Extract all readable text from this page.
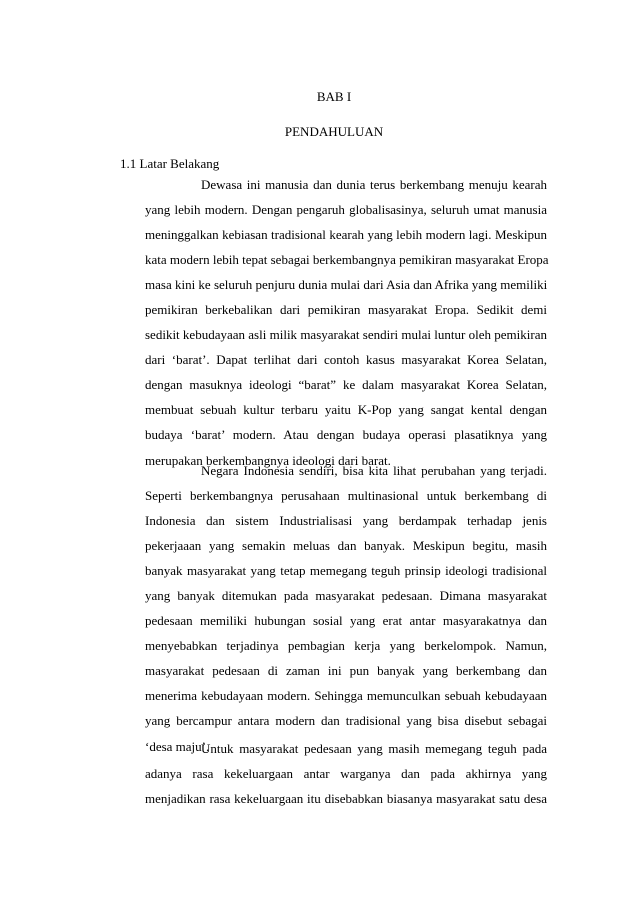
BAB I
PENDAHULUAN
1.1 Latar Belakang
Dewasa ini manusia dan dunia terus berkembang menuju kearah
yang lebih modern. Dengan pengaruh globalisasinya, seluruh umat manusia
meninggalkan kebiasan tradisional kearah yang lebih modern lagi. Meskipun
kata modern lebih tepat sebagai berkembangnya pemikiran masyarakat Eropa
masa kini ke seluruh penjuru dunia mulai dari Asia dan Afrika yang memiliki
pemikiran berkebalikan dari pemikiran masyarakat Eropa. Sedikit demi
sedikit kebudayaan asli milik masyarakat sendiri mulai luntur oleh pemikiran
dari ‘barat’. Dapat terlihat dari contoh kasus masyarakat Korea Selatan,
dengan masuknya ideologi “barat” ke dalam masyarakat Korea Selatan,
membuat sebuah kultur terbaru yaitu K-Pop yang sangat kental dengan
budaya ‘barat’ modern. Atau dengan budaya operasi plasatiknya yang
merupakan berkembangnya ideologi dari barat.
Negara Indonesia sendiri, bisa kita lihat perubahan yang terjadi.
Seperti berkembangnya perusahaan multinasional untuk berkembang di
Indonesia dan sistem Industrialisasi yang berdampak terhadap jenis
pekerjaaan yang semakin meluas dan banyak. Meskipun begitu, masih
banyak masyarakat yang tetap memegang teguh prinsip ideologi tradisional
yang banyak ditemukan pada masyarakat pedesaan. Dimana masyarakat
pedesaan memiliki hubungan sosial yang erat antar masyarakatnya dan
menyebabkan terjadinya pembagian kerja yang berkelompok. Namun,
masyarakat pedesaan di zaman ini pun banyak yang berkembang dan
menerima kebudayaan modern. Sehingga memunculkan sebuah kebudayaan
yang bercampur antara modern dan tradisional yang bisa disebut sebagai
‘desa maju’.
Untuk masyarakat pedesaan yang masih memegang teguh pada
adanya rasa kekeluargaan antar warganya dan pada akhirnya yang
menjadikan rasa kekeluargaan itu disebabkan biasanya masyarakat satu desa
